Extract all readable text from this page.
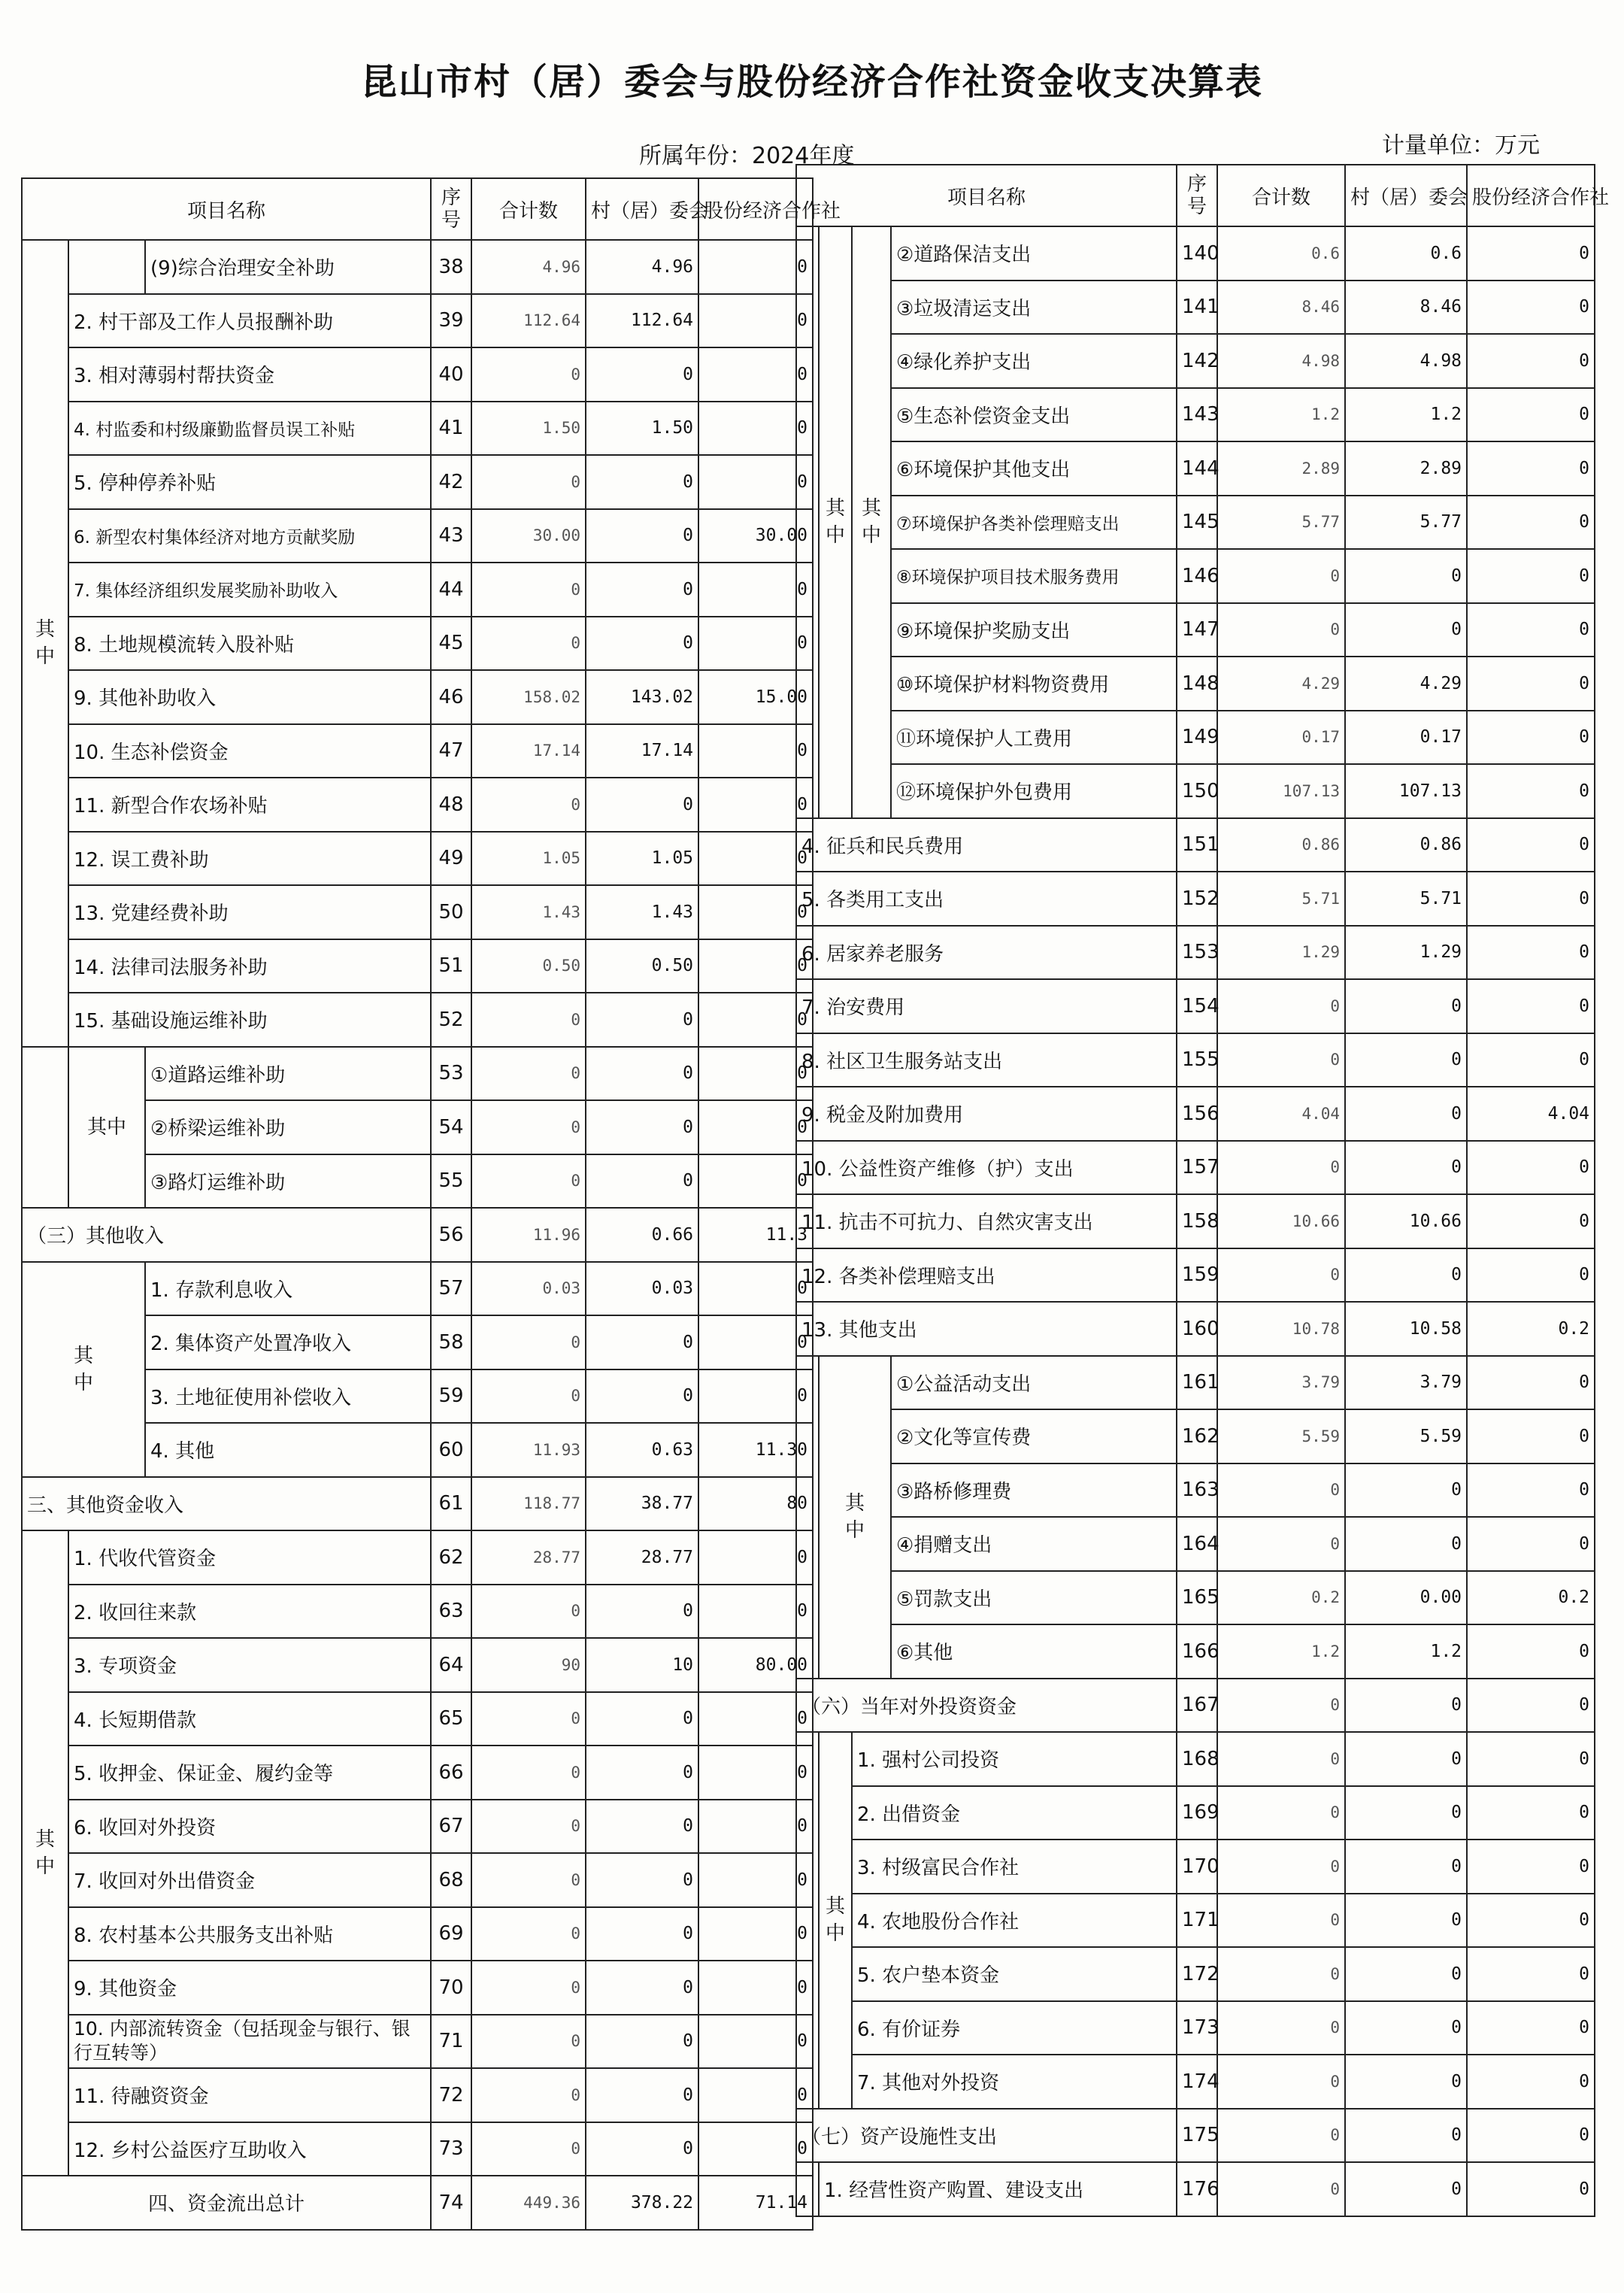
昆山市村（居）委会与股份经济合作社资金收支决算表
所属年份：2024年度	计量单位：万元
项目名称			序号	合计数	村（居）委会	股份经济合作社
其
中		(9)综合治理安全补助	38	4.96	4.96	0
	2. 村干部及工作人员报酬补助		39	112.64	112.64	0
	3. 相对薄弱村帮扶资金		40	0	0	0
	4. 村监委和村级廉勤监督员误工补贴		41	1.50	1.50	0
	5. 停种停养补贴		42	0	0	0
	6. 新型农村集体经济对地方贡献奖励		43	30.00	0	30.00
	7. 集体经济组织发展奖励补助收入		44	0	0	0
	8. 土地规模流转入股补贴		45	0	0	0
	9. 其他补助收入		46	158.02	143.02	15.00
	10. 生态补偿资金		47	17.14	17.14	0
	11. 新型合作农场补贴		48	0	0	0
	12. 误工费补助		49	1.05	1.05	0
	13. 党建经费补助		50	1.43	1.43	0
	14. 法律司法服务补助		51	0.50	0.50	0
	15. 基础设施运维补助		52	0	0	0
	其中	①道路运维补助	53	0	0	0
		②桥梁运维补助	54	0	0	0
		③路灯运维补助	55	0	0	0
（三）其他收入			56	11.96	0.66	11.3
其
中		1. 存款利息收入	57	0.03	0.03	0
		2. 集体资产处置净收入	58	0	0	0
		3. 土地征使用补偿收入	59	0	0	0
		4. 其他	60	11.93	0.63	11.30
三、其他资金收入			61	118.77	38.77	80
其
中	1. 代收代管资金		62	28.77	28.77	0
	2. 收回往来款		63	0	0	0
	3. 专项资金		64	90	10	80.00
	4. 长短期借款		65	0	0	0
	5. 收押金、保证金、履约金等		66	0	0	0
	6. 收回对外投资		67	0	0	0
	7. 收回对外出借资金		68	0	0	0
	8. 农村基本公共服务支出补贴		69	0	0	0
	9. 其他资金		70	0	0	0
	10. 内部流转资金（包括现金与银行、银行互转等）		71	0	0	0
	11. 待融资资金		72	0	0	0
	12. 乡村公益医疗互助收入		73	0	0	0
四、资金流出总计			74	449.36	378.22	71.14
项目名称				序号	合计数	村（居）委会	股份经济合作社
	其
中	其
中	②道路保洁支出	140	0.6	0.6	0
			③垃圾清运支出	141	8.46	8.46	0
			④绿化养护支出	142	4.98	4.98	0
			⑤生态补偿资金支出	143	1.2	1.2	0
			⑥环境保护其他支出	144	2.89	2.89	0
			⑦环境保护各类补偿理赔支出	145	5.77	5.77	0
			⑧环境保护项目技术服务费用	146	0	0	0
			⑨环境保护奖励支出	147	0	0	0
			⑩环境保护材料物资费用	148	4.29	4.29	0
			⑪环境保护人工费用	149	0.17	0.17	0
			⑫环境保护外包费用	150	107.13	107.13	0
4. 征兵和民兵费用				151	0.86	0.86	0
5. 各类用工支出				152	5.71	5.71	0
6. 居家养老服务				153	1.29	1.29	0
7. 治安费用				154	0	0	0
8. 社区卫生服务站支出				155	0	0	0
9. 税金及附加费用				156	4.04	0	4.04
10. 公益性资产维修（护）支出				157	0	0	0
11. 抗击不可抗力、自然灾害支出				158	10.66	10.66	0
12. 各类补偿理赔支出				159	0	0	0
13. 其他支出				160	10.78	10.58	0.2
	其
中		①公益活动支出	161	3.79	3.79	0
			②文化等宣传费	162	5.59	5.59	0
			③路桥修理费	163	0	0	0
			④捐赠支出	164	0	0	0
			⑤罚款支出	165	0.2	0.00	0.2
			⑥其他	166	1.2	1.2	0
（六）当年对外投资资金				167	0	0	0
	其
中	1. 强村公司投资		168	0	0	0
		2. 出借资金		169	0	0	0
		3. 村级富民合作社		170	0	0	0
		4. 农地股份合作社		171	0	0	0
		5. 农户垫本资金		172	0	0	0
		6. 有价证券		173	0	0	0
		7. 其他对外投资		174	0	0	0
（七）资产设施性支出				175	0	0	0
	1. 经营性资产购置、建设支出			176	0	0	0
